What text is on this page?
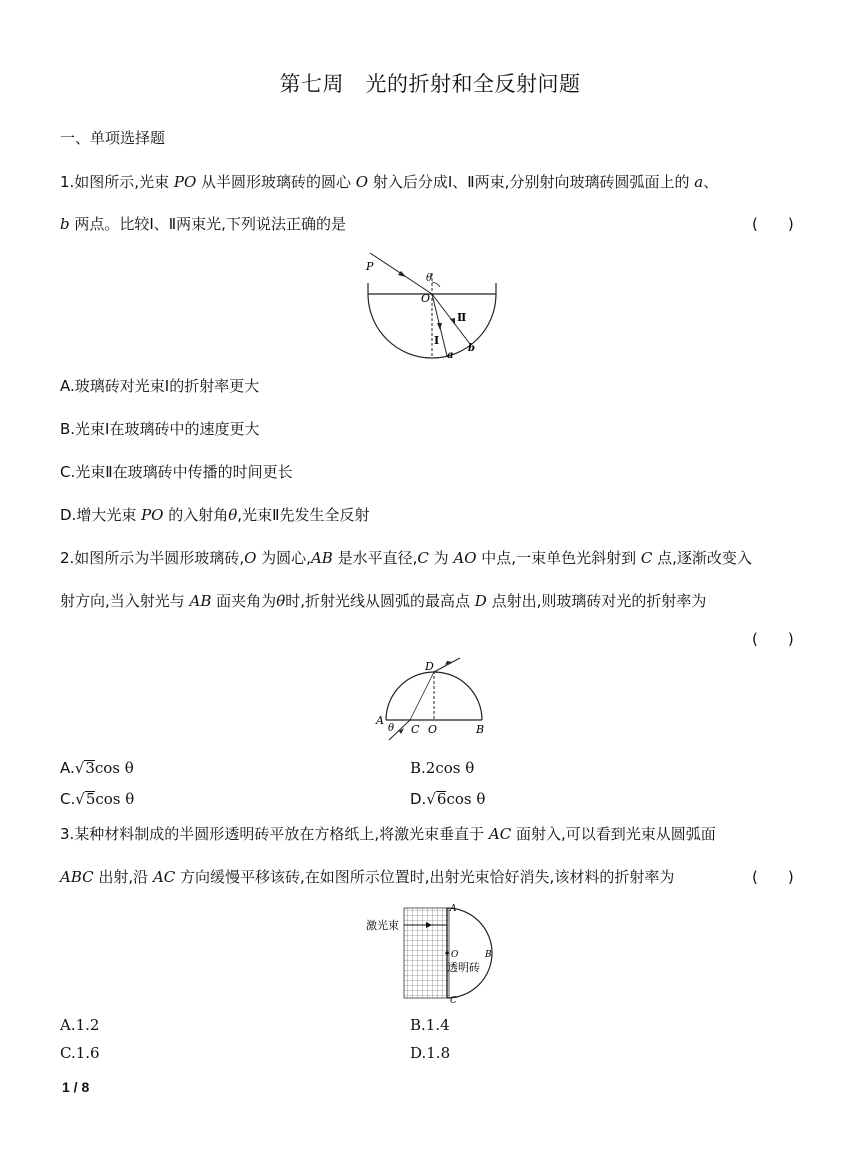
第七周　光的折射和全反射问题
一、单项选择题
1.如图所示,光束 PO 从半圆形玻璃砖的圆心 O 射入后分成Ⅰ、Ⅱ两束,分别射向玻璃砖圆弧面上的 a、
b 两点。比较Ⅰ、Ⅱ两束光,下列说法正确的是	(　　)
P
θ
O
Ⅱ
Ⅰ
a
b
A.玻璃砖对光束Ⅰ的折射率更大
B.光束Ⅰ在玻璃砖中的速度更大
C.光束Ⅱ在玻璃砖中传播的时间更长
D.增大光束 PO 的入射角θ,光束Ⅱ先发生全反射
2.如图所示为半圆形玻璃砖,O 为圆心,AB 是水平直径,C 为 AO 中点,一束单色光斜射到 C 点,逐渐改变入
射方向,当入射光与 AB 面夹角为θ时,折射光线从圆弧的最高点 D 点射出,则玻璃砖对光的折射率为
(　　)
D
A
θ C O	B
A.√3cos θ	B.2cos θ
C.√5cos θ	D.√6cos θ
3.某种材料制成的半圆形透明砖平放在方格纸上,将激光束垂直于 AC 面射入,可以看到光束从圆弧面
ABC 出射,沿 AC 方向缓慢平移该砖,在如图所示位置时,出射光束恰好消失,该材料的折射率为	(　　)
激光束
A
B
C
O
透明砖
A.1.2	B.1.4
C.1.6	D.1.8
1 / 8
